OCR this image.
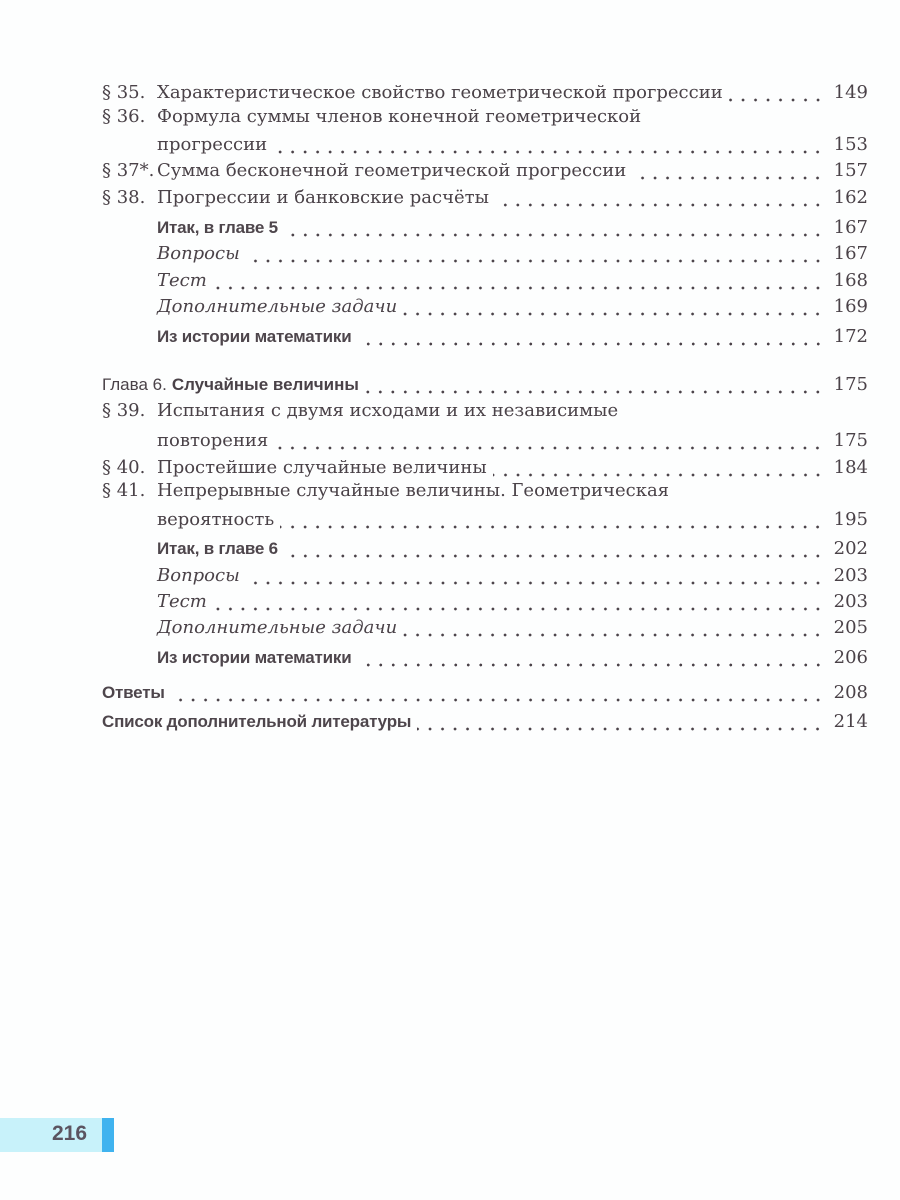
§ 35. Характеристическое свойство геометрической прогрессии	149
§ 36. Формула суммы членов конечной геометрической
прогрессии	153
§ 37*. Сумма бесконечной геометрической прогрессии	157
§ 38. Прогрессии и банковские расчёты	162
Итак, в главе 5	167
Вопросы	167
Тест	168
Дополнительные задачи	169
Из истории математики	172
Глава 6. Случайные величины	175
§ 39. Испытания с двумя исходами и их независимые
повторения	175
§ 40. Простейшие случайные величины	184
§ 41. Непрерывные случайные величины. Геометрическая
вероятность	195
Итак, в главе 6	202
Вопросы	203
Тест	203
Дополнительные задачи	205
Из истории математики	206
Ответы	208
Список дополнительной литературы	214
216
